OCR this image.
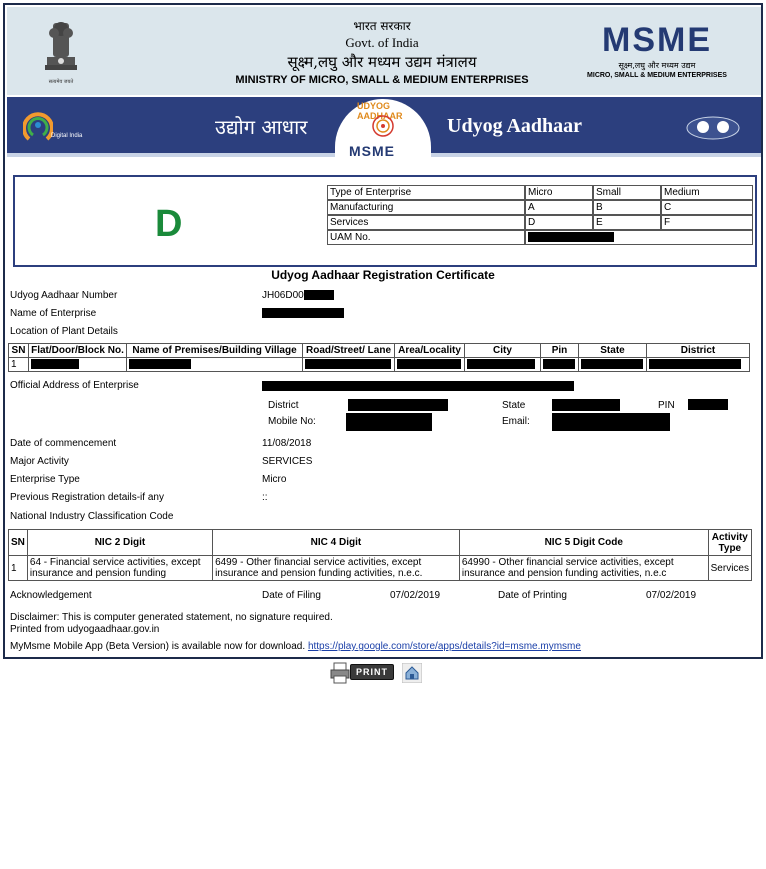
सत्यमेव जयते
भारत सरकार
Govt. of India
सूक्ष्म,लघु और मध्यम उद्यम मंत्रालय
MINISTRY OF MICRO, SMALL & MEDIUM ENTERPRISES
MSME
सूक्ष्म,लघु और मध्यम उद्यम
MICRO, SMALL & MEDIUM ENTERPRISES
Digital India	उद्योग आधार
UDYOG AADHAAR
MSME
Udyog Aadhaar
D
Type of Enterprise	Micro	Small	Medium
Manufacturing	A	B	C
Services	D	E	F
UAM No.			
Udyog Aadhaar Registration Certificate
Udyog Aadhaar Number	JH06D00
Name of Enterprise
Location of Plant Details
SN	Flat/Door/Block No.	Name of Premises/Building Village	Road/Street/ Lane	Area/Locality	City	Pin	State	District
1								
Official Address of Enterprise
District	State	PIN
Mobile No:	Email:
Date of commencement	11/08/2018
Major Activity	SERVICES
Enterprise Type	Micro
Previous Registration details-if any	::
National Industry Classification Code
SN	NIC 2 Digit	NIC 4 Digit	NIC 5 Digit Code	Activity Type
1	64 - Financial service activities, except insurance and pension funding	6499 - Other financial service activities, except insurance and pension funding activities, n.e.c.	64990 - Other financial service activities, except insurance and pension funding activities, n.e.c	Services
Acknowledgement	Date of Filing	07/02/2019	Date of Printing	07/02/2019
Disclaimer: This is computer generated statement, no signature required.
Printed from udyogaadhaar.gov.in
MyMsme Mobile App (Beta Version) is available now for download. https://play.google.com/store/apps/details?id=msme.mymsme
PRINT
